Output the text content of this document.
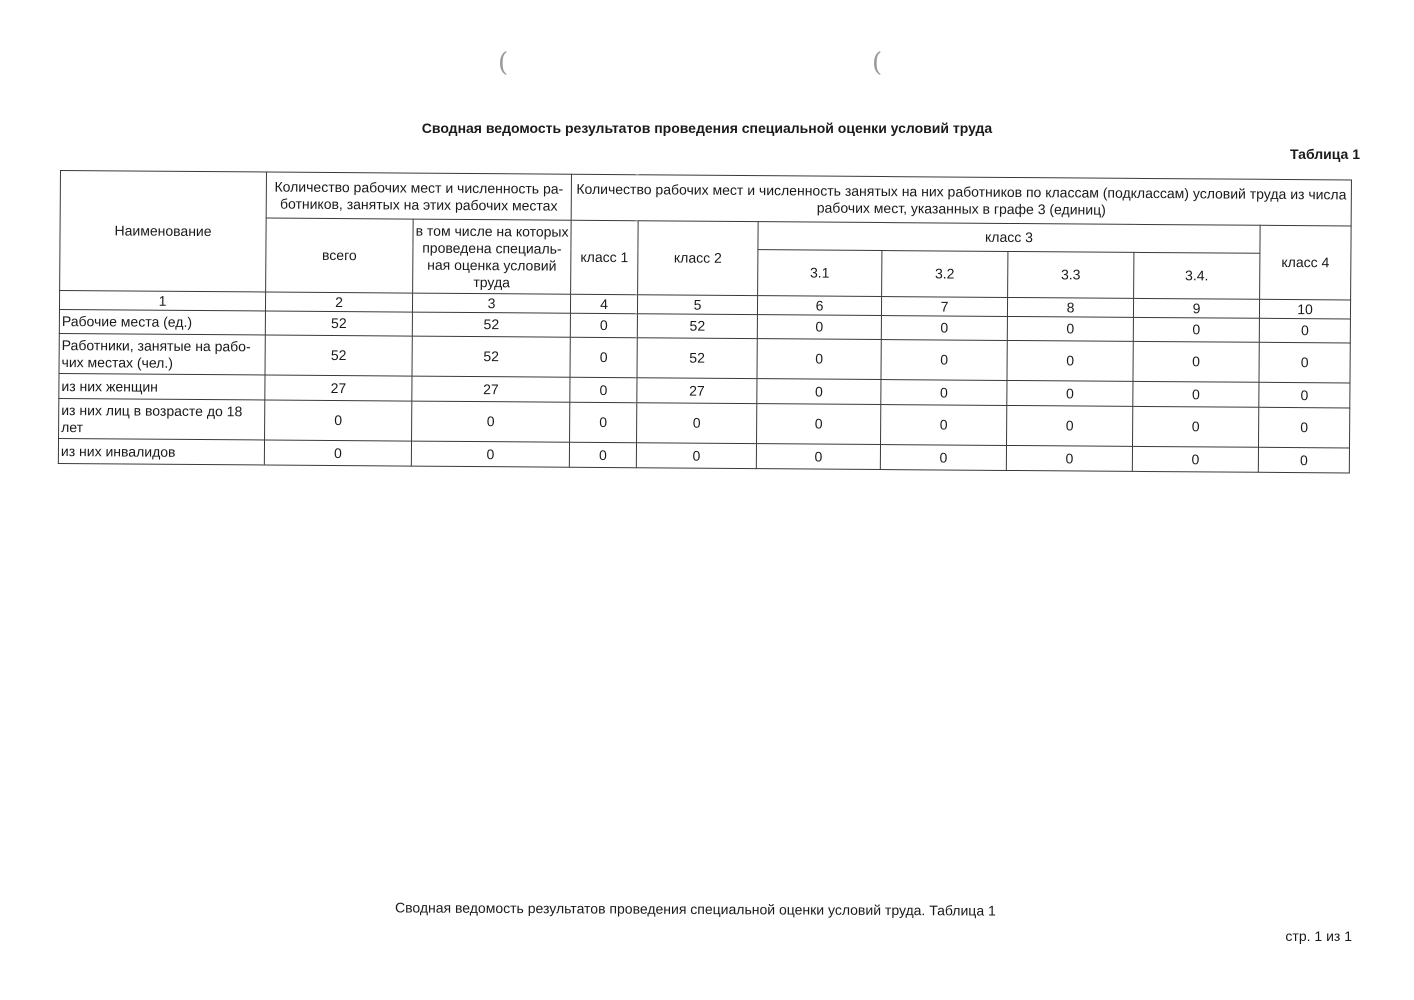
(	(
Сводная ведомость результатов проведения специальной оценки условий труда
Таблица 1
Наименование	Количество рабочих мест и численность ра- ботников, занятых на этих рабочих местах		Количество рабочих мест и численность занятых на них работников по классам (подклассам) условий труда из числа рабочих мест, указанных в графе 3 (единиц)						
	всего	в том числе на которых проведена специаль- ная оценка условий труда	класс 1	класс 2	класс 3				класс 4
					3.1	3.2	3.3	3.4.	
1	2	3	4	5	6	7	8	9	10
Рабочие места (ед.)	52	52	0	52	0	0	0	0	0
Работники, занятые на рабо- чих местах (чел.)	52	52	0	52	0	0	0	0	0
из них женщин	27	27	0	27	0	0	0	0	0
из них лиц в возрасте до 18 лет	0	0	0	0	0	0	0	0	0
из них инвалидов	0	0	0	0	0	0	0	0	0
Сводная ведомость результатов проведения специальной оценки условий труда. Таблица 1
стр. 1 из 1
